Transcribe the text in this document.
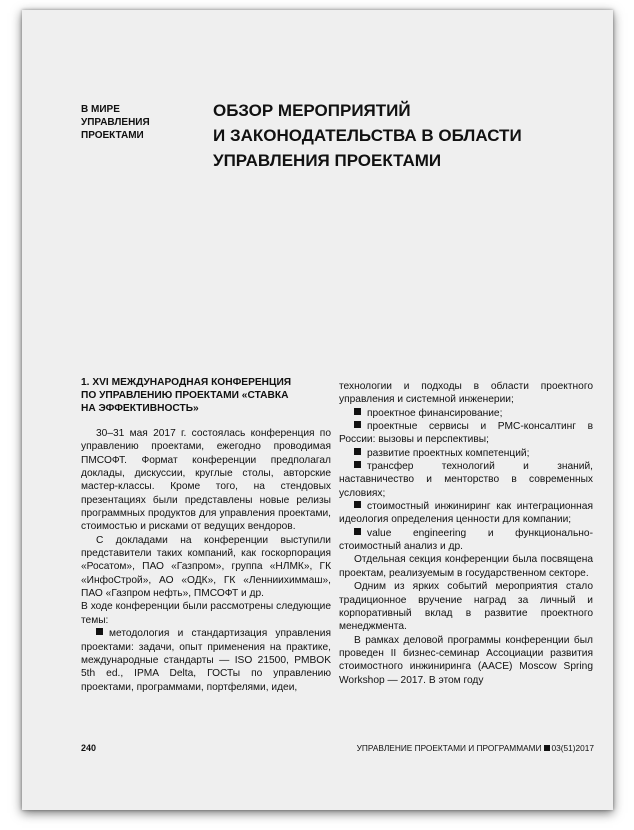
В МИРЕ УПРАВЛЕНИЯ ПРОЕКТАМИ
ОБЗОР МЕРОПРИЯТИЙ
И ЗАКОНОДАТЕЛЬСТВА В ОБЛАСТИ
УПРАВЛЕНИЯ ПРОЕКТАМИ
1. XVI МЕЖДУНАРОДНАЯ КОНФЕРЕНЦИЯ
ПО УПРАВЛЕНИЮ ПРОЕКТАМИ «СТАВКА
НА ЭФФЕКТИВНОСТЬ»

30–31 мая 2017 г. состоялась конференция по управлению проектами, ежегодно проводимая ПМСОФТ. Формат конференции предполагал доклады, дискуссии, круглые столы, авторские мастер-классы. Кроме того, на стендовых презентациях были представлены новые релизы программных продуктов для управления проектами, стоимостью и рисками от ведущих вендоров.

С докладами на конференции выступили представители таких компаний, как госкорпорация «Росатом», ПАО «Газпром», группа «НЛМК», ГК «ИнфоСтрой», АО «ОДК», ГК «Ленниихиммаш», ПАО «Газпром нефть», ПМСОФТ и др.

В ходе конференции были рассмотрены следующие темы:

методология и стандартизация управления проектами: задачи, опыт применения на практике, международные стандарты — ISO 21500, PMBOK 5th ed., IPMA Delta, ГОСТы по управлению проектами, программами, портфелями, идеи,

технологии и подходы в области проектного управления и системной инженерии;

проектное финансирование;

проектные сервисы и PMC-консалтинг в России: вызовы и перспективы;

развитие проектных компетенций;

трансфер технологий и знаний, наставничество и менторство в современных условиях;

стоимостный инжиниринг как интеграционная идеология определения ценности для компании;

value engineering и функционально-стоимостный анализ и др.

Отдельная секция конференции была посвящена проектам, реализуемым в государственном секторе.

Одним из ярких событий мероприятия стало традиционное вручение наград за личный и корпоративный вклад в развитие проектного менеджмента.

В рамках деловой программы конференции был проведен II бизнес-семинар Ассоциации развития стоимостного инжиниринга (AACE) Moscow Spring Workshop — 2017. В этом году

240	УПРАВЛЕНИЕ ПРОЕКТАМИ И ПРОГРАММАМИ 03(51)2017
